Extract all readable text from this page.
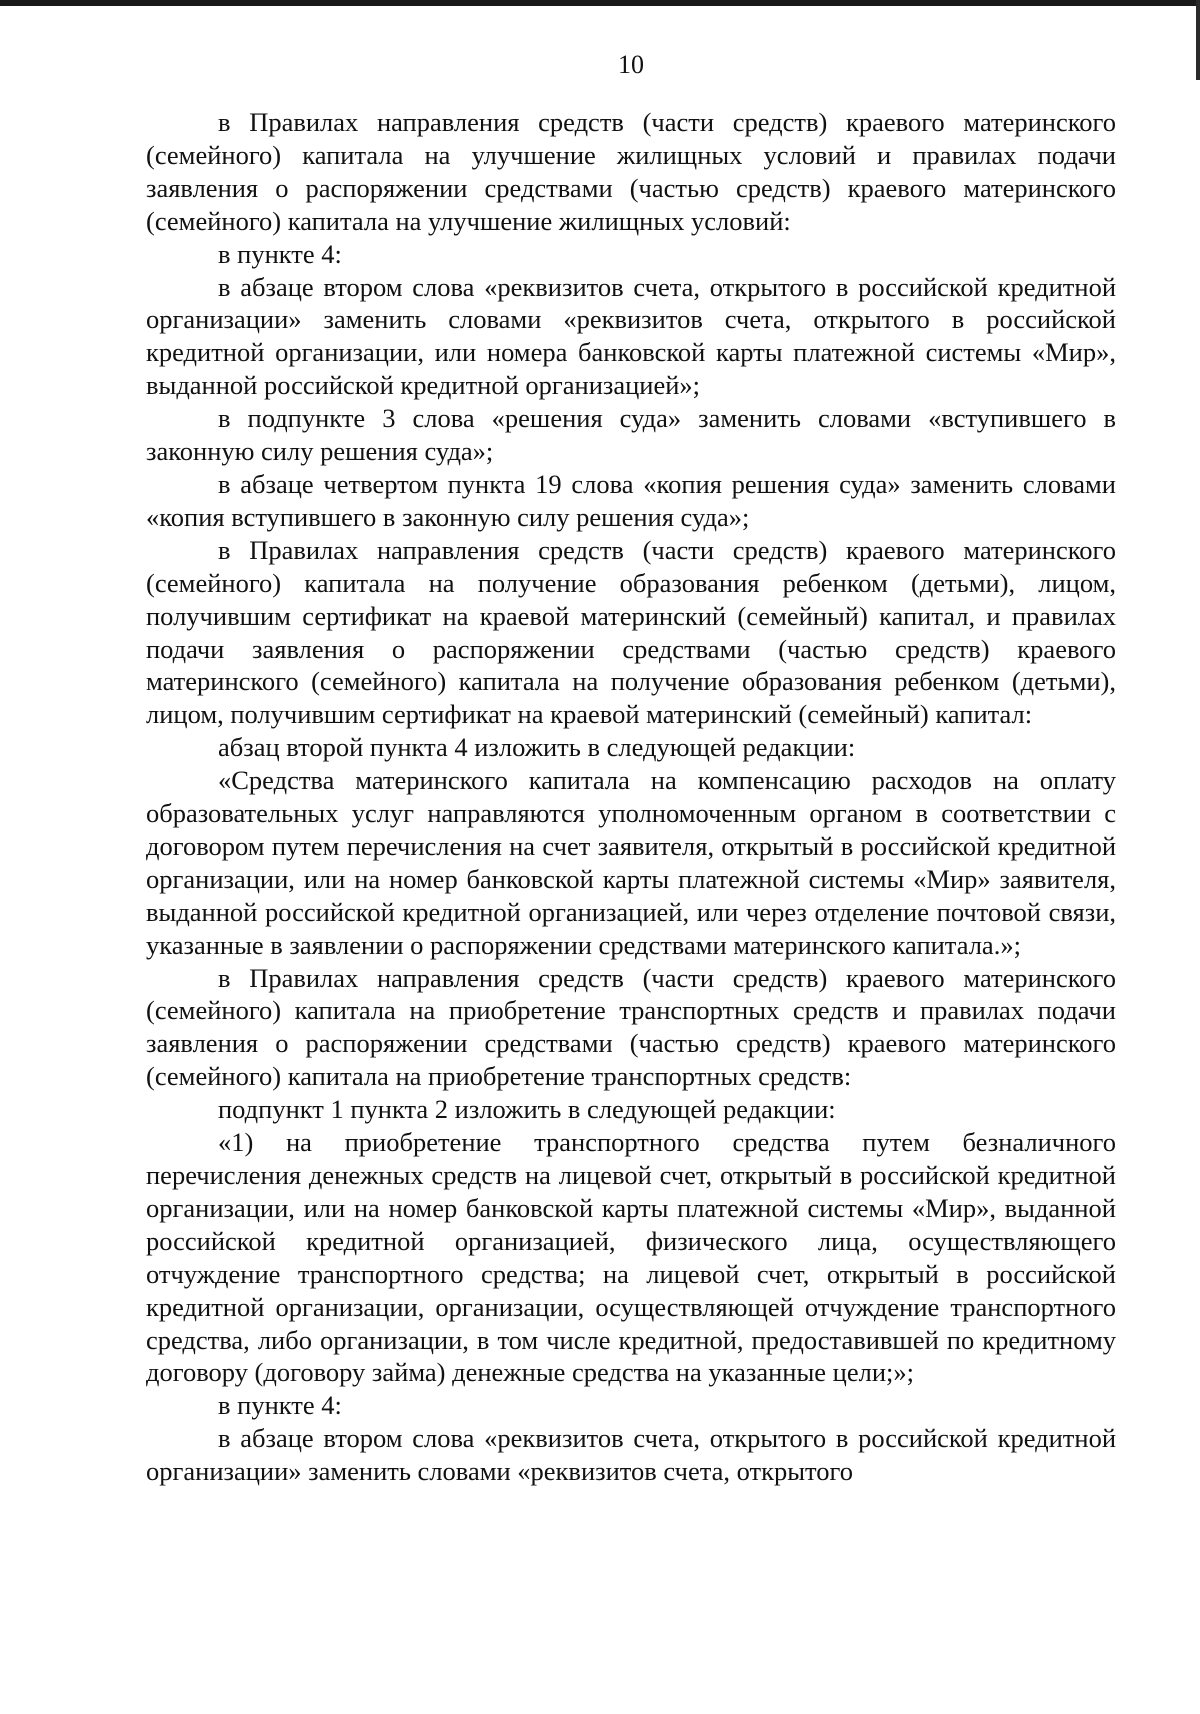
10

в Правилах направления средств (части средств) краевого материнского (семейного) капитала на улучшение жилищных условий и правилах подачи заявления о распоряжении средствами (частью средств) краевого материнского (семейного) капитала на улучшение жилищных условий:

в пункте 4:

в абзаце втором слова «реквизитов счета, открытого в российской кредитной организации» заменить словами «реквизитов счета, открытого в российской кредитной организации, или номера банковской карты платежной системы «Мир», выданной российской кредитной организацией»;

в подпункте 3 слова «решения суда» заменить словами «вступившего в законную силу решения суда»;

в абзаце четвертом пункта 19 слова «копия решения суда» заменить словами «копия вступившего в законную силу решения суда»;

в Правилах направления средств (части средств) краевого материнского (семейного) капитала на получение образования ребенком (детьми), лицом, получившим сертификат на краевой материнский (семейный) капитал, и правилах подачи заявления о распоряжении средствами (частью средств) краевого материнского (семейного) капитала на получение образования ребенком (детьми), лицом, получившим сертификат на краевой материнский (семейный) капитал:

абзац второй пункта 4 изложить в следующей редакции:

«Средства материнского капитала на компенсацию расходов на оплату образовательных услуг направляются уполномоченным органом в соответствии с договором путем перечисления на счет заявителя, открытый в российской кредитной организации, или на номер банковской карты платежной системы «Мир» заявителя, выданной российской кредитной организацией, или через отделение почтовой связи, указанные в заявлении о распоряжении средствами материнского капитала.»;

в Правилах направления средств (части средств) краевого материнского (семейного) капитала на приобретение транспортных средств и правилах подачи заявления о распоряжении средствами (частью средств) краевого материнского (семейного) капитала на приобретение транспортных средств:

подпункт 1 пункта 2 изложить в следующей редакции:

«1) на приобретение транспортного средства путем безналичного перечисления денежных средств на лицевой счет, открытый в российской кредитной организации, или на номер банковской карты платежной системы «Мир», выданной российской кредитной организацией, физического лица, осуществляющего отчуждение транспортного средства; на лицевой счет, открытый в российской кредитной организации, организации, осуществляющей отчуждение транспортного средства, либо организации, в том числе кредитной, предоставившей по кредитному договору (договору займа) денежные средства на указанные цели;»;

в пункте 4:

в абзаце втором слова «реквизитов счета, открытого в российской кредитной организации» заменить словами «реквизитов счета, открытого
